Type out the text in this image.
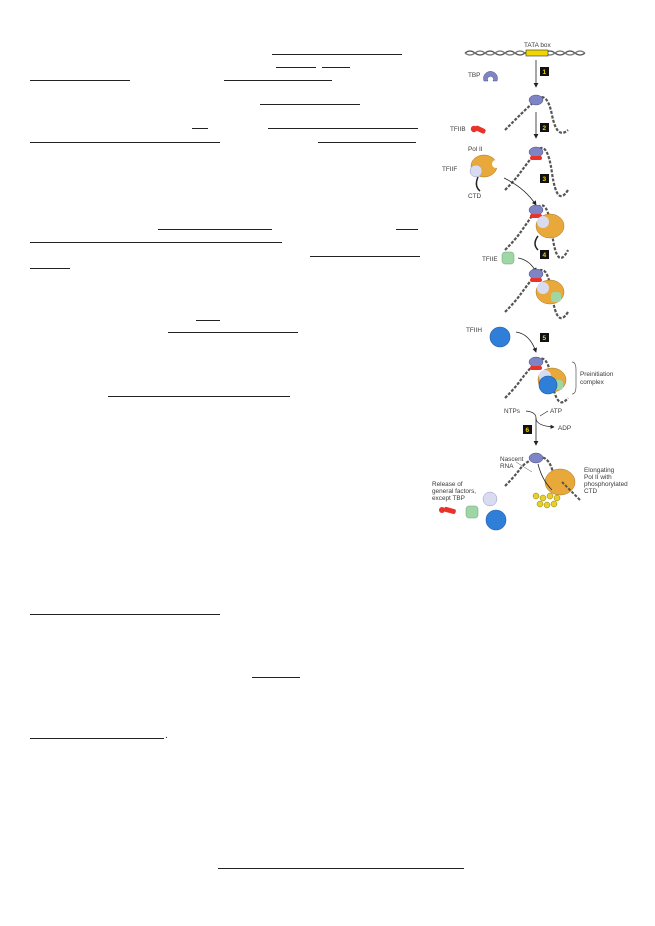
.
TATA box
TBP	1
TFIIB	2
Pol II
TFIIF
CTD
3
TFIIE
4
TFIIH
5
Preinitiation
complex
NTPs	ATP
ADP
6
Nascent
RNA
Elongating
Pol II with
phosphorylated
CTD
Release of
general factors,
except TBP
